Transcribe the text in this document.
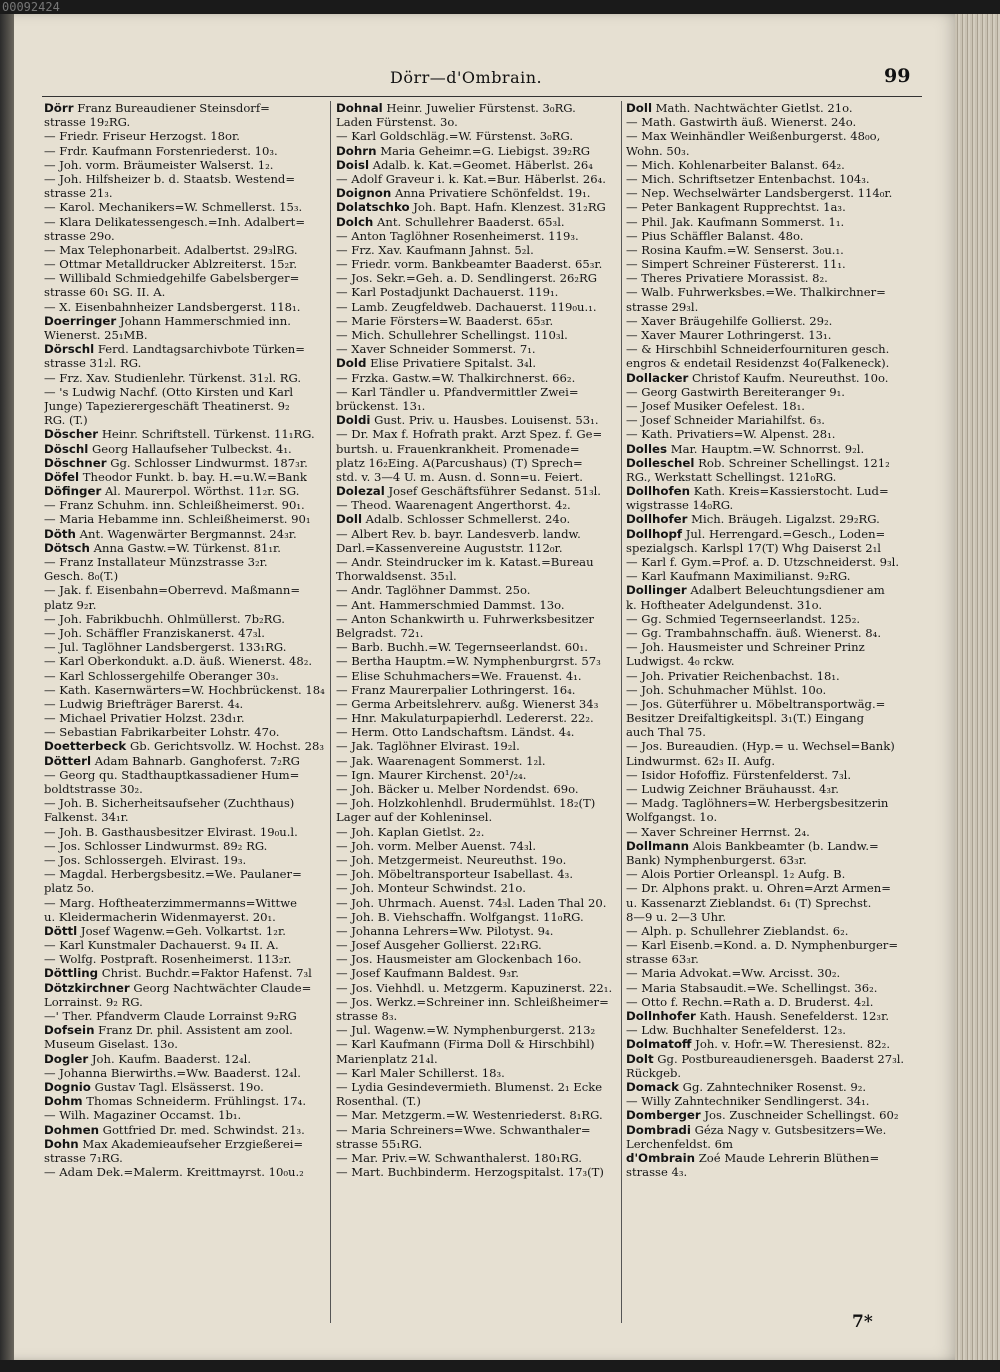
00092424
Dörr—d'Ombrain.	99
Dörr Franz Bureaudiener Steinsdorf=
strasse 19₂RG.
— Friedr. Friseur Herzogst. 18or.
— Frdr. Kaufmann Forstenriederst. 10₃.
— Joh. vorm. Bräumeister Walserst. 1₂.
— Joh. Hilfsheizer b. d. Staatsb. Westend=
strasse 21₃.
— Karol. Mechanikers=W. Schmellerst. 15₃.
— Klara Delikatessengesch.=Inh. Adalbert=
strasse 29o.
— Max Telephonarbeit. Adalbertst. 29₃lRG.
— Ottmar Metalldrucker Ablzreiterst. 15₂r.
— Willibald Schmiedgehilfe Gabelsberger=
strasse 60₁ SG. II. A.
— X. Eisenbahnheizer Landsbergerst. 118₁.
Doerringer Johann Hammerschmied inn.
Wienerst. 25₁MB.
Dörschl Ferd. Landtagsarchivbote Türken=
strasse 31₂l. RG.
— Frz. Xav. Studienlehr. Türkenst. 31₂l. RG.
— 's Ludwig Nachf. (Otto Kirsten und Karl
Junge) Tapezierergeschäft Theatinerst. 9₂
RG. (T.)
Döscher Heinr. Schriftstell. Türkenst. 11₁RG.
Döschl Georg Hallaufseher Tulbeckst. 4₁.
Döschner Gg. Schlosser Lindwurmst. 187₃r.
Döfel Theodor Funkt. b. bay. H.=u.W.=Bank
Döfinger Al. Maurerpol. Wörthst. 11₂r. SG.
— Franz Schuhm. inn. Schleißheimerst. 90₁.
— Maria Hebamme inn. Schleißheimerst. 90₁
Döth Ant. Wagenwärter Bergmannst. 24₃r.
Dötsch Anna Gastw.=W. Türkenst. 81₁r.
— Franz Installateur Münzstrasse 3₂r.
Gesch. 8₀(T.)
— Jak. f. Eisenbahn=Oberrevd. Maßmann=
platz 9₂r.
— Joh. Fabrikbuchh. Ohlmüllerst. 7b₂RG.
— Joh. Schäffler Franziskanerst. 47₃l.
— Jul. Taglöhner Landsbergerst. 133₁RG.
— Karl Oberkondukt. a.D. äuß. Wienerst. 48₂.
— Karl Schlossergehilfe Oberanger 30₃.
— Kath. Kasernwärters=W. Hochbrückenst. 18₄
— Ludwig Briefträger Barerst. 4₄.
— Michael Privatier Holzst. 23d₁r.
— Sebastian Fabrikarbeiter Lohstr. 47o.
Doetterbeck Gb. Gerichtsvollz. W. Hochst. 28₃
Dötterl Adam Bahnarb. Ganghoferst. 7₂RG
— Georg qu. Stadthauptkassadiener Hum=
boldtstrasse 30₂.
— Joh. B. Sicherheitsaufseher (Zuchthaus)
Falkenst. 34₁r.
— Joh. B. Gasthausbesitzer Elvirast. 19₀u.l.
— Jos. Schlosser Lindwurmst. 89₂ RG.
— Jos. Schlossergeh. Elvirast. 19₃.
— Magdal. Herbergsbesitz.=We. Paulaner=
platz 5o.
— Marg. Hoftheaterzimmermanns=Wittwe
u. Kleidermacherin Widenmayerst. 20₁.
Döttl Josef Wagenw.=Geh. Volkartst. 1₂r.
— Karl Kunstmaler Dachauerst. 9₄ II. A.
— Wolfg. Postpraft. Rosenheimerst. 113₂r.
Döttling Christ. Buchdr.=Faktor Hafenst. 7₃l
Dötzkirchner Georg Nachtwächter Claude=
Lorrainst. 9₂ RG.
—' Ther. Pfandverm Claude Lorrainst 9₂RG
Dofsein Franz Dr. phil. Assistent am zool.
Museum Giselast. 13o.
Dogler Joh. Kaufm. Baaderst. 12₄l.
— Johanna Bierwirths.=Ww. Baaderst. 12₄l.
Dognio Gustav Tagl. Elsässerst. 19o.
Dohm Thomas Schneiderm. Frühlingst. 17₄.
— Wilh. Magaziner Occamst. 1b₁.
Dohmen Gottfried Dr. med. Schwindst. 21₃.
Dohn Max Akademieaufseher Erzgießerei=
strasse 7₁RG.
— Adam Dek.=Malerm. Kreittmayrst. 10₀u.₂
Dohnal Heinr. Juwelier Fürstenst. 3₀RG.
Laden Fürstenst. 3o.
— Karl Goldschläg.=W. Fürstenst. 3₀RG.
Dohrn Maria Geheimr.=G. Liebigst. 39₂RG
Doisl Adalb. k. Kat.=Geomet. Häberlst. 26₄
— Adolf Graveur i. k. Kat.=Bur. Häberlst. 26₄.
Doignon Anna Privatiere Schönfeldst. 19₁.
Dolatschko Joh. Bapt. Hafn. Klenzest. 31₂RG
Dolch Ant. Schullehrer Baaderst. 65₃l.
— Anton Taglöhner Rosenheimerst. 119₃.
— Frz. Xav. Kaufmann Jahnst. 5₂l.
— Friedr. vorm. Bankbeamter Baaderst. 65₃r.
— Jos. Sekr.=Geh. a. D. Sendlingerst. 26₂RG
— Karl Postadjunkt Dachauerst. 119₁.
— Lamb. Zeugfeldweb. Dachauerst. 119₀u.₁.
— Marie Försters=W. Baaderst. 65₃r.
— Mich. Schullehrer Schellingst. 110₃l.
— Xaver Schneider Sommerst. 7₁.
Dold Elise Privatiere Spitalst. 3₄l.
— Frzka. Gastw.=W. Thalkirchnerst. 66₂.
— Karl Tändler u. Pfandvermittler Zwei=
brückenst. 13₁.
Doldi Gust. Priv. u. Hausbes. Louisenst. 53₁.
— Dr. Max f. Hofrath prakt. Arzt Spez. f. Ge=
burtsh. u. Frauenkrankheit. Promenade=
platz 16₂Eing. A(Parcushaus) (T) Sprech=
std. v. 3—4 U. m. Ausn. d. Sonn=u. Feiert.
Dolezal Josef Geschäftsführer Sedanst. 51₃l.
— Theod. Waarenagent Angerthorst. 4₂.
Doll Adalb. Schlosser Schmellerst. 24o.
— Albert Rev. b. bayr. Landesverb. landw.
Darl.=Kassenvereine Auguststr. 112₀r.
— Andr. Steindrucker im k. Katast.=Bureau
Thorwaldsenst. 35₁l.
— Andr. Taglöhner Dammst. 25o.
— Ant. Hammerschmied Dammst. 13o.
— Anton Schankwirth u. Fuhrwerksbesitzer
Belgradst. 72₁.
— Barb. Buchh.=W. Tegernseerlandst. 60₁.
— Bertha Hauptm.=W. Nymphenburgrst. 57₃
— Elise Schuhmachers=We. Frauenst. 4₁.
— Franz Maurerpalier Lothringerst. 16₄.
— Germa Arbeitslehrerv. außg. Wienerst 34₃
— Hnr. Makulaturpapierhdl. Ledererst. 22₂.
— Herm. Otto Landschaftsm. Ländst. 4₄.
— Jak. Taglöhner Elvirast. 19₂l.
— Jak. Waarenagent Sommerst. 1₂l.
— Ign. Maurer Kirchenst. 20¹/₂₄.
— Joh. Bäcker u. Melber Nordendst. 69o.
— Joh. Holzkohlenhdl. Brudermühlst. 18₂(T)
Lager auf der Kohleninsel.
— Joh. Kaplan Gietlst. 2₂.
— Joh. vorm. Melber Auenst. 74₃l.
— Joh. Metzgermeist. Neureuthst. 19o.
— Joh. Möbeltransporteur Isabellast. 4₃.
— Joh. Monteur Schwindst. 21o.
— Joh. Uhrmach. Auenst. 74₃l. Laden Thal 20.
— Joh. B. Viehschaffn. Wolfgangst. 11₀RG.
— Johanna Lehrers=Ww. Pilotyst. 9₄.
— Josef Ausgeher Gollierst. 22₁RG.
— Jos. Hausmeister am Glockenbach 16o.
— Josef Kaufmann Baldest. 9₃r.
— Jos. Viehhdl. u. Metzgerm. Kapuzinerst. 22₁.
— Jos. Werkz.=Schreiner inn. Schleißheimer=
strasse 8₃.
— Jul. Wagenw.=W. Nymphenburgerst. 213₂
— Karl Kaufmann (Firma Doll & Hirschbihl)
Marienplatz 21₄l.
— Karl Maler Schillerst. 18₃.
— Lydia Gesindevermieth. Blumenst. 2₁ Ecke
Rosenthal. (T.)
— Mar. Metzgerm.=W. Westenriederst. 8₁RG.
— Maria Schreiners=Wwe. Schwanthaler=
strasse 55₁RG.
— Mar. Priv.=W. Schwanthalerst. 180₁RG.
— Mart. Buchbinderm. Herzogspitalst. 17₃(T)
Doll Math. Nachtwächter Gietlst. 21o.
— Math. Gastwirth äuß. Wienerst. 24o.
— Max Weinhändler Weißenburgerst. 48₀o,
Wohn. 50₃.
— Mich. Kohlenarbeiter Balanst. 64₂.
— Mich. Schriftsetzer Entenbachst. 104₃.
— Nep. Wechselwärter Landsbergerst. 114₀r.
— Peter Bankagent Rupprechtst. 1a₃.
— Phil. Jak. Kaufmann Sommerst. 1₁.
— Pius Schäffler Balanst. 48o.
— Rosina Kaufm.=W. Senserst. 3₀u.₁.
— Simpert Schreiner Füstererst. 11₁.
— Theres Privatiere Morassist. 8₂.
— Walb. Fuhrwerksbes.=We. Thalkirchner=
strasse 29₃l.
— Xaver Bräugehilfe Gollierst. 29₂.
— Xaver Maurer Lothringerst. 13₁.
— & Hirschbihl Schneiderfournituren gesch.
engros & endetail Residenzst 4o(Falkeneck).
Dollacker Christof Kaufm. Neureuthst. 10o.
— Georg Gastwirth Bereiteranger 9₁.
— Josef Musiker Oefelest. 18₁.
— Josef Schneider Mariahilfst. 6₃.
— Kath. Privatiers=W. Alpenst. 28₁.
Dolles Mar. Hauptm.=W. Schnorrst. 9₂l.
Dolleschel Rob. Schreiner Schellingst. 121₂
RG., Werkstatt Schellingst. 121₀RG.
Dollhofen Kath. Kreis=Kassierstocht. Lud=
wigstrasse 14₀RG.
Dollhofer Mich. Bräugeh. Ligalzst. 29₂RG.
Dollhopf Jul. Herrengard.=Gesch., Loden=
spezialgsch. Karlspl 17(T) Whg Daiserst 2₁l
— Karl f. Gym.=Prof. a. D. Utzschneiderst. 9₃l.
— Karl Kaufmann Maximilianst. 9₂RG.
Dollinger Adalbert Beleuchtungsdiener am
k. Hoftheater Adelgundenst. 31o.
— Gg. Schmied Tegernseerlandst. 125₂.
— Gg. Trambahnschaffn. äuß. Wienerst. 8₄.
— Joh. Hausmeister und Schreiner Prinz
Ludwigst. 4₀ rckw.
— Joh. Privatier Reichenbachst. 18₁.
— Joh. Schuhmacher Mühlst. 10o.
— Jos. Güterführer u. Möbeltransportwäg.=
Besitzer Dreifaltigkeitspl. 3₁(T.) Eingang
auch Thal 75.
— Jos. Bureaudien. (Hyp.= u. Wechsel=Bank)
Lindwurmst. 62₃ II. Aufg.
— Isidor Hofoffiz. Fürstenfelderst. 7₃l.
— Ludwig Zeichner Bräuhausst. 4₃r.
— Madg. Taglöhners=W. Herbergsbesitzerin
Wolfgangst. 1o.
— Xaver Schreiner Herrnst. 2₄.
Dollmann Alois Bankbeamter (b. Landw.=
Bank) Nymphenburgerst. 63₃r.
— Alois Portier Orleanspl. 1₂ Aufg. B.
— Dr. Alphons prakt. u. Ohren=Arzt Armen=
u. Kassenarzt Zieblandst. 6₁ (T) Sprechst.
8—9 u. 2—3 Uhr.
— Alph. p. Schullehrer Zieblandst. 6₂.
— Karl Eisenb.=Kond. a. D. Nymphenburger=
strasse 63₃r.
— Maria Advokat.=Ww. Arcisst. 30₂.
— Maria Stabsaudit.=We. Schellingst. 36₂.
— Otto f. Rechn.=Rath a. D. Bruderst. 4₂l.
Dollnhofer Kath. Haush. Senefelderst. 12₃r.
— Ldw. Buchhalter Senefelderst. 12₃.
Dolmatoff Joh. v. Hofr.=W. Theresienst. 82₂.
Dolt Gg. Postbureaudienersgeh. Baaderst 27₃l.
Rückgeb.
Domack Gg. Zahntechniker Rosenst. 9₂.
— Willy Zahntechniker Sendlingerst. 34₁.
Domberger Jos. Zuschneider Schellingst. 60₂
Dombradi Géza Nagy v. Gutsbesitzers=We.
Lerchenfeldst. 6m
d'Ombrain Zoé Maude Lehrerin Blüthen=
strasse 4₃.
7*
